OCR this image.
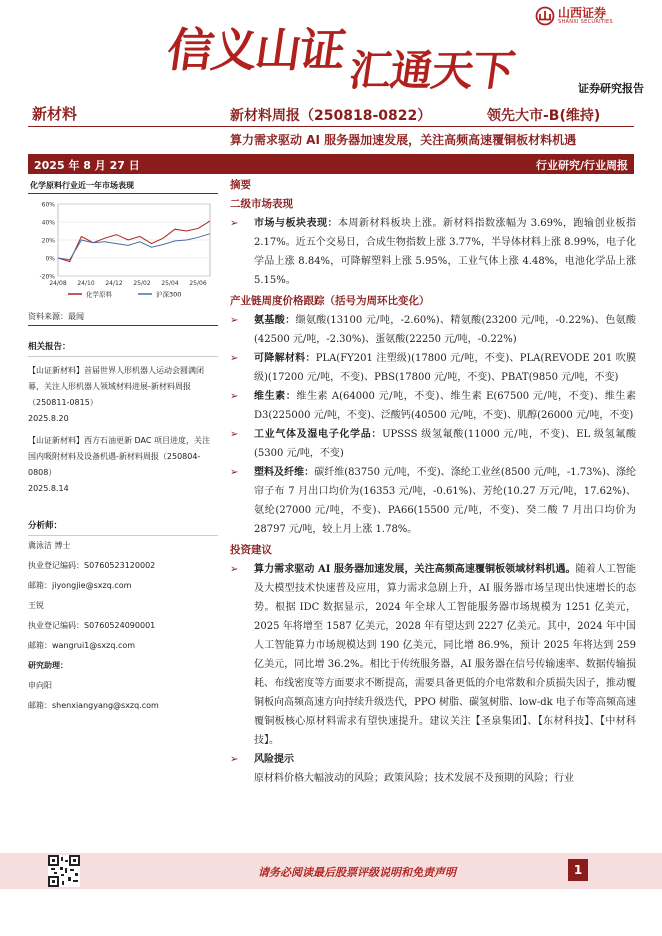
信义山证
汇通天下
山西证券
SHANXI SECURITIES
证券研究报告
新材料	新材料周报（250818-0822）	领先大市-B(维持)
算力需求驱动 AI 服务器加速发展，关注高频高速覆铜板材料机遇
2025 年 8 月 27 日	行业研究/行业周报
化学原料行业近一年市场表现
60%
40%
20%
0%
-20%
24/08 24/10 24/12 25/02 25/04 25/06
化学原料	沪深300
资料来源：最闻
相关报告：
【山证新材料】首届世界人形机器人运动会圆满闭幕，关注人形机器人领域材料进展-新材料周报（250811-0815）
2025.8.20
【山证新材料】西方石油更新 DAC 项目进度，关注国内吸附材料及设备机遇-新材料周报（250804-0808）
2025.8.14
分析师：
冀泳洁 博士
执业登记编码：S0760523120002
邮箱：jiyongjie@sxzq.com
王锐
执业登记编码：S0760524090001
邮箱：wangrui1@sxzq.com
研究助理：
申向阳
邮箱：shenxiangyang@sxzq.com
摘要
二级市场表现
➢ 市场与板块表现：本周新材料板块上涨。新材料指数涨幅为 3.69%，跑输创业板指 2.17%。近五个交易日，合成生物指数上涨 3.77%，半导体材料上涨 8.99%，电子化学品上涨 8.84%，可降解塑料上涨 5.95%，工业气体上涨 4.48%，电池化学品上涨 5.15%。
产业链周度价格跟踪（括号为周环比变化）
➢ 氨基酸：缬氨酸(13100 元/吨，-2.60%)、精氨酸(23200 元/吨，-0.22%)、色氨酸(42500 元/吨，-2.30%)、蛋氨酸(22250 元/吨，-0.22%)
➢ 可降解材料：PLA(FY201 注塑级)(17800 元/吨，不变)、PLA(REVODE 201 吹膜级)(17200 元/吨，不变)、PBS(17800 元/吨，不变)、PBAT(9850 元/吨，不变)
➢ 维生素：维生素 A(64000 元/吨，不变)、维生素 E(67500 元/吨，不变)、维生素 D3(225000 元/吨，不变)、泛酸钙(40500 元/吨，不变)、肌醇(26000 元/吨，不变)
➢ 工业气体及湿电子化学品：UPSSS 级氢氟酸(11000 元/吨，不变)、EL 级氢氟酸(5300 元/吨，不变)
➢ 塑料及纤维：碳纤维(83750 元/吨，不变)、涤纶工业丝(8500 元/吨，-1.73%)、涤纶帘子布 7 月出口均价为(16353 元/吨，-0.61%)、芳纶(10.27 万元/吨，17.62%)、氨纶(27000 元/吨，不变)、PA66(15500 元/吨，不变)、癸二酸 7 月出口均价为 28797 元/吨，较上月上涨 1.78%。
投资建议
➢ 算力需求驱动 AI 服务器加速发展，关注高频高速覆铜板领域材料机遇。随着人工智能及大模型技术快速普及应用，算力需求急剧上升，AI 服务器市场呈现出快速增长的态势。根据 IDC 数据显示，2024 年全球人工智能服务器市场规模为 1251 亿美元，2025 年将增至 1587 亿美元，2028 年有望达到 2227 亿美元。其中，2024 年中国人工智能算力市场规模达到 190 亿美元，同比增 86.9%，预计 2025 年将达到 259 亿美元，同比增 36.2%。相比于传统服务器，AI 服务器在信号传输速率、数据传输损耗、布线密度等方面要求不断提高，需要具备更低的介电常数和介质损失因子，推动覆铜板向高频高速方向持续升级迭代，PPO 树脂、碳氢树脂、low-dk 电子布等高频高速覆铜板核心原材料需求有望快速提升。建议关注【圣泉集团】、【东材科技】、【中材科技】。
➢ 风险提示
原材料价格大幅波动的风险；政策风险；技术发展不及预期的风险；行业
请务必阅读最后股票评级说明和免责声明	1
